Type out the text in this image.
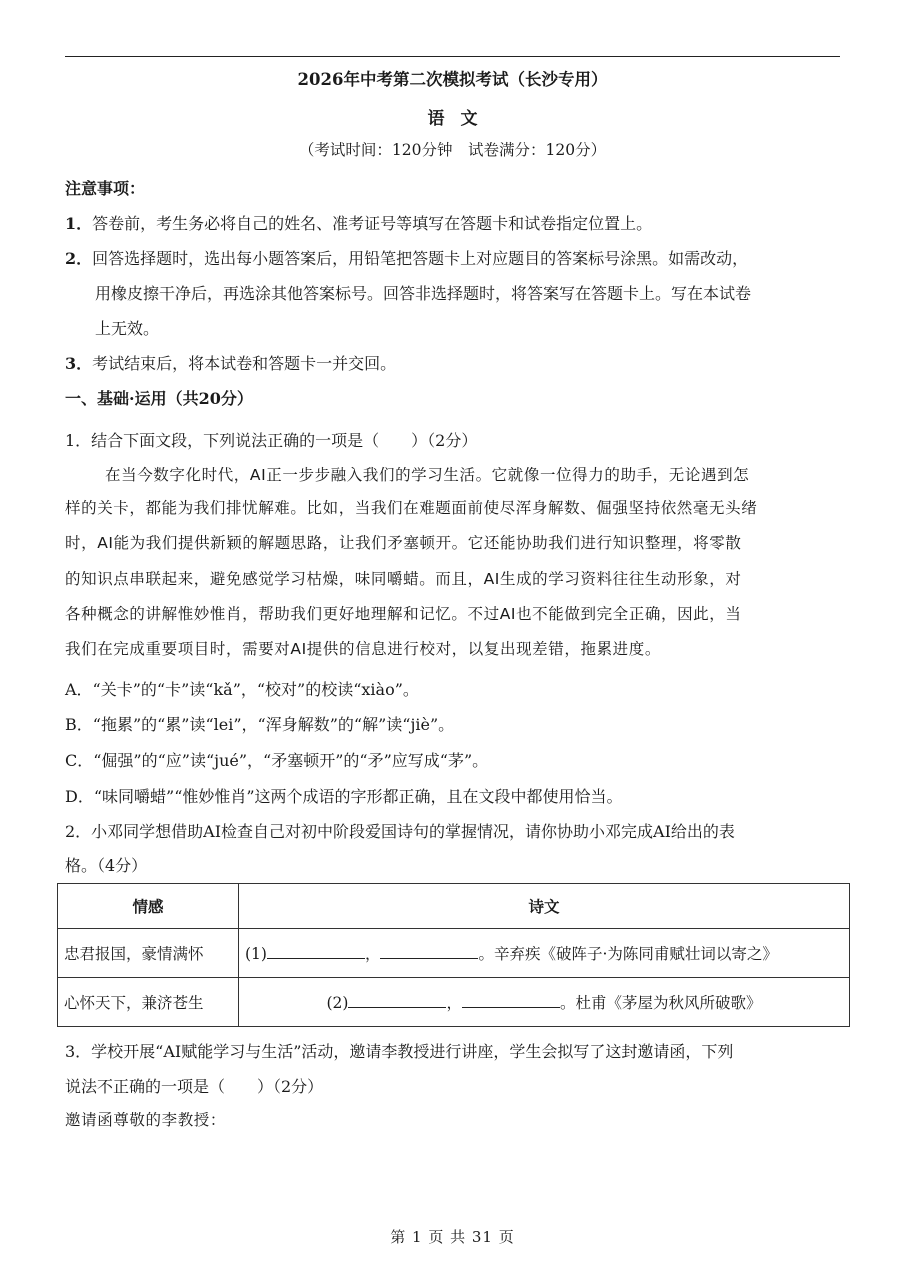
2026年中考第二次模拟考试（长沙专用）
语文
（考试时间：120分钟　试卷满分：120分）
注意事项：
1．答卷前，考生务必将自己的姓名、准考证号等填写在答题卡和试卷指定位置上。
2．回答选择题时，选出每小题答案后，用铅笔把答题卡上对应题目的答案标号涂黑。如需改动，
用橡皮擦干净后，再选涂其他答案标号。回答非选择题时，将答案写在答题卡上。写在本试卷
上无效。
3．考试结束后，将本试卷和答题卡一并交回。
一、基础·运用（共20分）
1．结合下面文段，下列说法正确的一项是（　　）（2分）
在当今数字化时代，AI正一步步融入我们的学习生活。它就像一位得力的助手，无论遇到怎
样的关卡，都能为我们排忧解难。比如，当我们在难题面前使尽浑身解数、倔强坚持依然毫无头绪
时，AI能为我们提供新颖的解题思路，让我们矛塞顿开。它还能协助我们进行知识整理，将零散
的知识点串联起来，避免感觉学习枯燥，味同嚼蜡。而且，AI生成的学习资料往往生动形象，对
各种概念的讲解惟妙惟肖，帮助我们更好地理解和记忆。不过AI也不能做到完全正确，因此，当
我们在完成重要项目时，需要对AI提供的信息进行校对，以复出现差错，拖累进度。
A．“关卡”的“卡”读“kǎ”，“校对”的校读“xiào”。
B．“拖累”的“累”读“lei”，“浑身解数”的“解”读“jiè”。
C．“倔强”的“应”读“jué”，“矛塞顿开”的“矛”应写成“茅”。
D．“味同嚼蜡”“惟妙惟肖”这两个成语的字形都正确，且在文段中都使用恰当。
2．小邓同学想借助AI检查自己对初中阶段爱国诗句的掌握情况，请你协助小邓完成AI给出的表
格。（4分）
情感	诗文
忠君报国，豪情满怀	(1) ， 。辛弃疾《破阵子·为陈同甫赋壮词以寄之》
心怀天下，兼济苍生	(2) ， 。杜甫《茅屋为秋风所破歌》
3．学校开展“AI赋能学习与生活”活动，邀请李教授进行讲座，学生会拟写了这封邀请函，下列
说法不正确的一项是（　　）（2分）
邀请函尊敬的李教授：
第 1 页 共 31 页
